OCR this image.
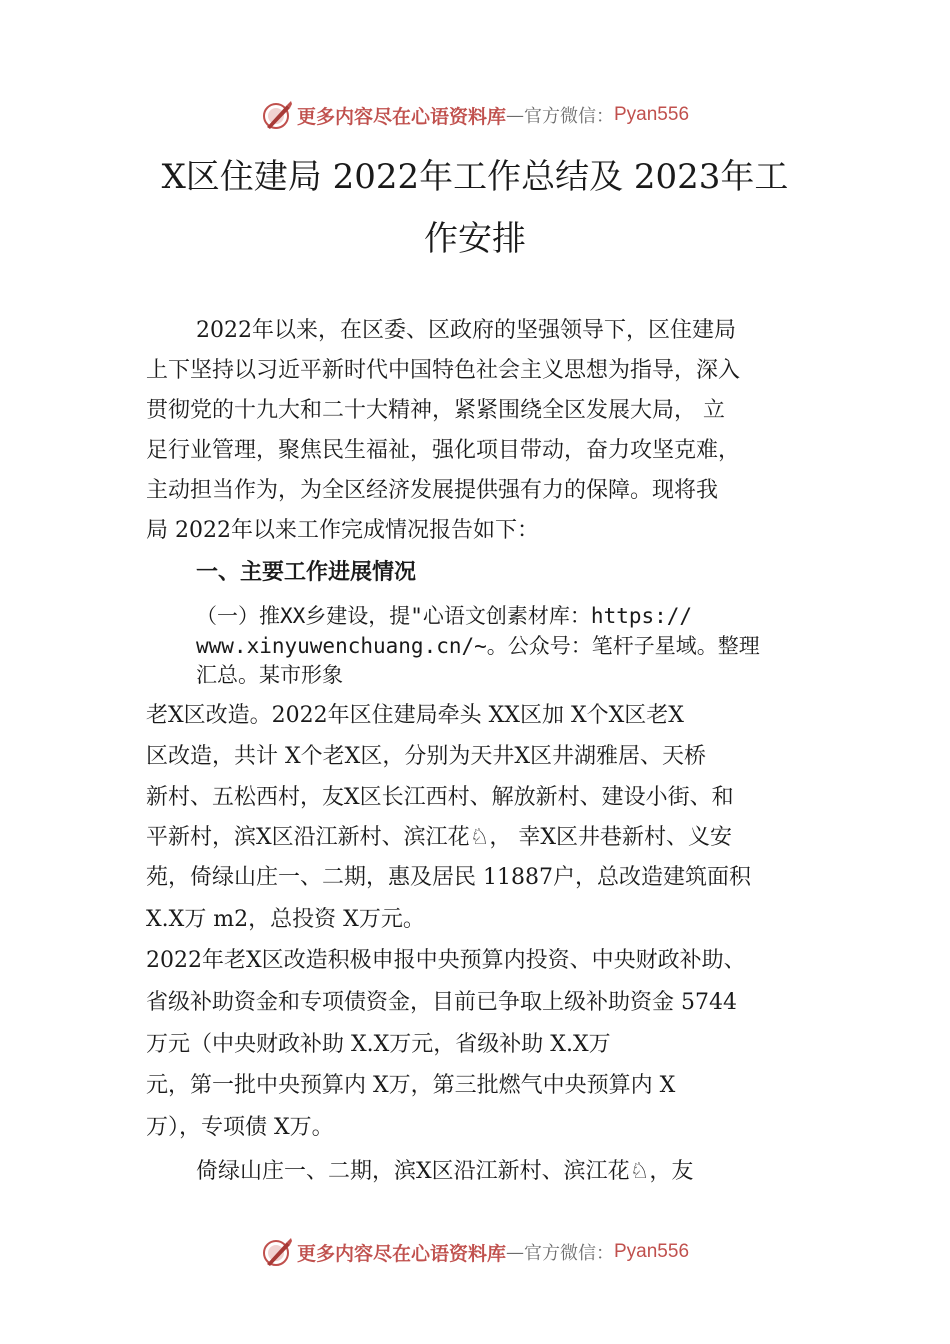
更多内容尽在心语资料库 — 官方微信： Pyan556
X区住建局 2022年工作总结及 2023年工
作安排
2022年以来，在区委、区政府的坚强领导下，区住建局
上下坚持以习近平新时代中国特色社会主义思想为指导，深入
贯彻党的十九大和二十大精神，紧紧围绕全区发展大局， 立
足行业管理，聚焦民生福祉，强化项目带动，奋力攻坚克难，
主动担当作为，为全区经济发展提供强有力的保障。现将我
局 2022年以来工作完成情况报告如下：
一、主要工作进展情况
（一）推XX乡建设，提"心语文创素材库：https://
www.xinyuwenchuang.cn/~。公众号：笔杆子星域。整理
汇总。某市形象
老X区改造。2022年区住建局牵头 XX区加 X个X区老X
区改造，共计 X个老X区，分别为天井X区井湖雅居、天桥
新村、五松西村，友X区长江西村、解放新村、建设小街、和
平新村，滨X区沿江新村、滨江花♘， 幸X区井巷新村、义安
苑，倚绿山庄一、二期，惠及居民 11887户，总改造建筑面积
X.X万 m2，总投资 X万元。
2022年老X区改造积极申报中央预算内投资、中央财政补助、
省级补助资金和专项债资金，目前已争取上级补助资金 5744
万元（中央财政补助 X.X万元，省级补助 X.X万
元，第一批中央预算内 X万，第三批燃气中央预算内 X
万），专项债 X万。
倚绿山庄一、二期，滨X区沿江新村、滨江花♘，友
更多内容尽在心语资料库 — 官方微信： Pyan556
